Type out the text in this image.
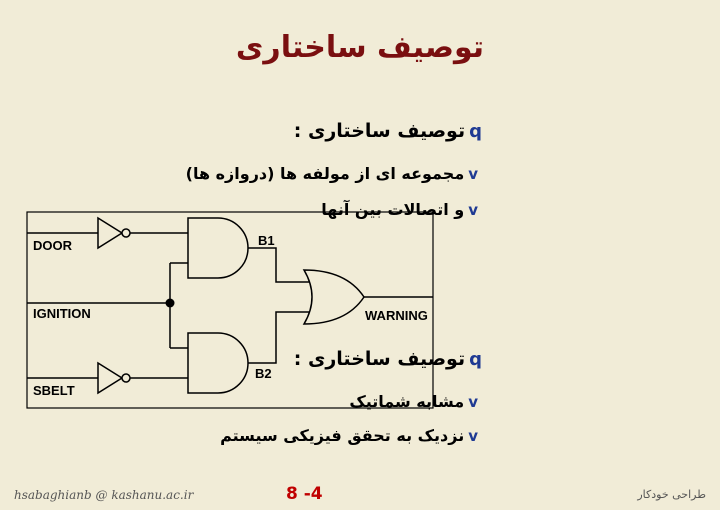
توصیف ساختاری
qتوصیف ساختاری :
vمجموعه ای از مولفه ها (دروازه ها)
vو اتصالات بین آنها
qتوصیف ساختاری :
vمشابه شماتیک
vنزدیک به تحقق فیزیکی سیستم
DOOR
IGNITION
SBELT
B1
B2
WARNING
hsabaghianb @ kashanu.ac.ir	8 -4	طراحی خودکار
